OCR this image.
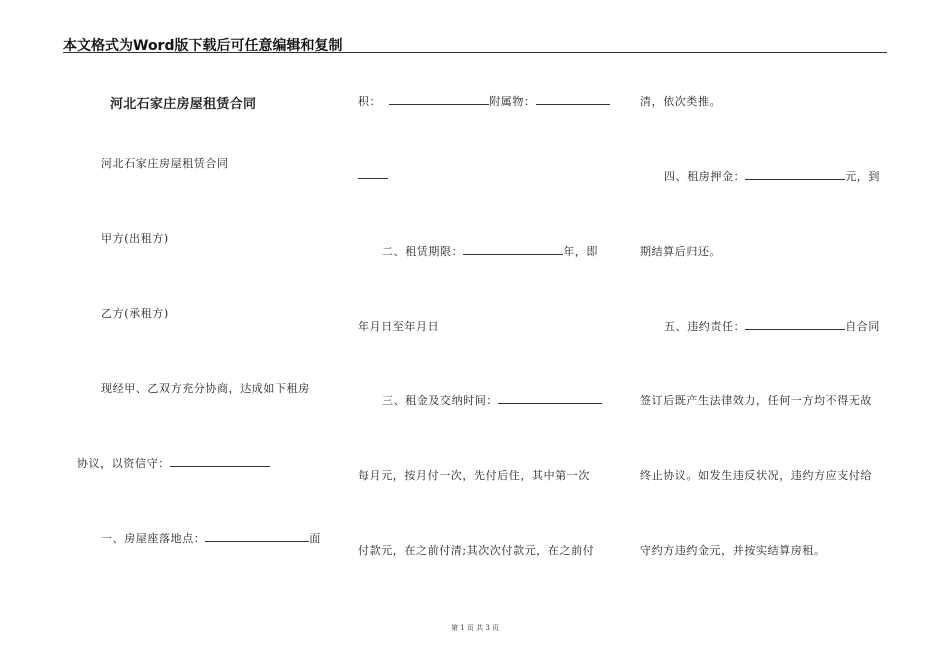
本文格式为Word版下载后可任意编辑和复制
河北石家庄房屋租赁合同
河北石家庄房屋租赁合同
甲方(出租方)
乙方(承租方)
现经甲、乙双方充分协商，达成如下租房
协议，以资信守：
一、房屋座落地点：	面
积：	附属物：
二、租赁期限：	年，即
年月日至年月日
三、租金及交纳时间：
每月元，按月付一次，先付后住，其中第一次
付款元，在之前付清;其次次付款元，在之前付
清，依次类推。
四、租房押金：	元，到
期结算后归还。
五、违约责任：	自合同
签订后既产生法律效力，任何一方均不得无故
终止协议。如发生违反状况，违约方应支付给
守约方违约金元，并按实结算房租。
第 1 页 共 3 页
